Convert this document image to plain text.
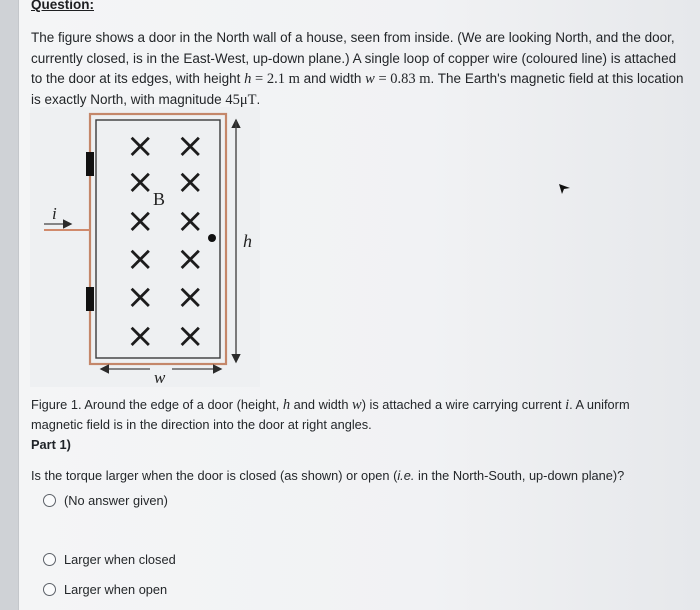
Question:
The figure shows a door in the North wall of a house, seen from inside. (We are looking North, and the door, currently closed, is in the East-West, up-down plane.) A single loop of copper wire (coloured line) is attached to the door at its edges, with height h = 2.1 m and width w = 0.83 m. The Earth's magnetic field at this location is exactly North, with magnitude 45μT.
i
h
w
B
× ×
× ×
× ×
× ×
× ×
× ×
Figure 1. Around the edge of a door (height, h and width w) is attached a wire carrying current i. A uniform magnetic field is in the direction into the door at right angles.
Part 1)
Is the torque larger when the door is closed (as shown) or open (i.e. in the North-South, up-down plane)?
(No answer given)
Larger when closed
Larger when open
